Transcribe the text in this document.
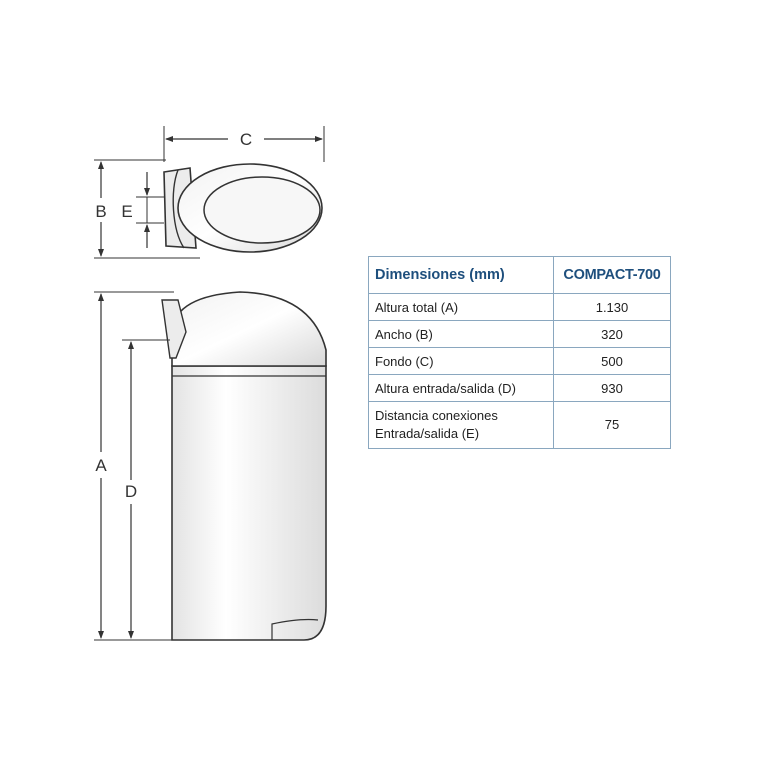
C
B E
A
D
Dimensiones (mm)	COMPACT-700
Altura total (A)	1.130
Ancho (B)	320
Fondo (C)	500
Altura entrada/salida (D)	930
Distancia conexiones
Entrada/salida (E)	75
